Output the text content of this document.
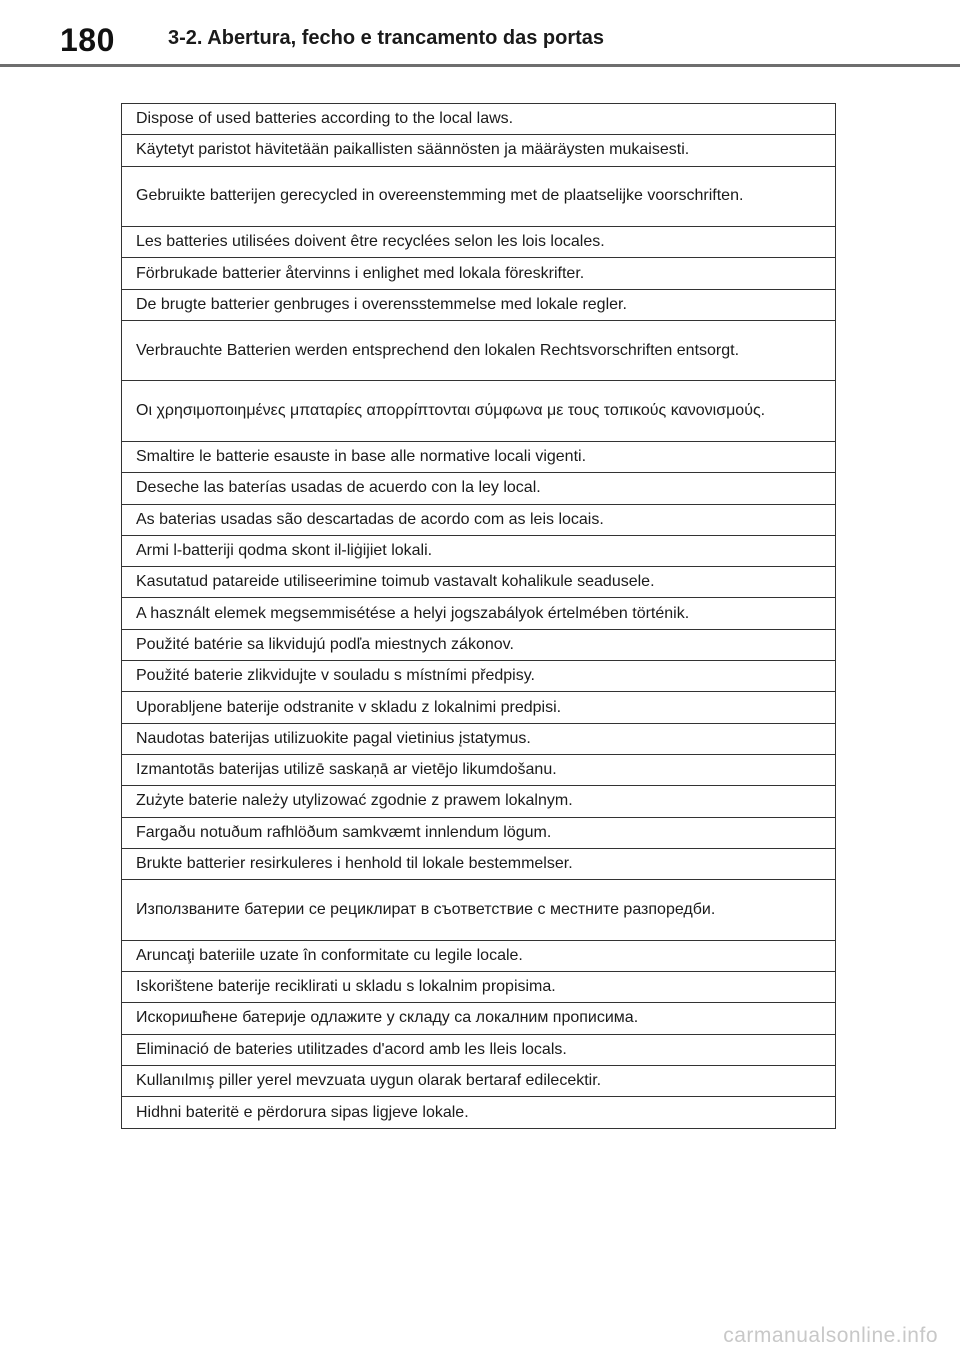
180	3-2. Abertura, fecho e trancamento das portas
Dispose of used batteries according to the local laws.
Käytetyt paristot hävitetään paikallisten säännösten ja määräysten mukaisesti.
Gebruikte batterijen gerecycled in overeenstemming met de plaatselijke voorschriften.
Les batteries utilisées doivent être recyclées selon les lois locales.
Förbrukade batterier återvinns i enlighet med lokala föreskrifter.
De brugte batterier genbruges i overensstemmelse med lokale regler.
Verbrauchte Batterien werden entsprechend den lokalen Rechtsvorschriften entsorgt.
Οι χρησιμοποιημένες μπαταρίες απορρίπτονται σύμφωνα με τους τοπικούς κανονισμούς.
Smaltire le batterie esauste in base alle normative locali vigenti.
Deseche las baterías usadas de acuerdo con la ley local.
As baterias usadas são descartadas de acordo com as leis locais.
Armi l-batteriji qodma skont il-liġijiet lokali.
Kasutatud patareide utiliseerimine toimub vastavalt kohalikule seadusele.
A használt elemek megsemmisétése a helyi jogszabályok értelmében történik.
Použité batérie sa likvidujú podľa miestnych zákonov.
Použité baterie zlikvidujte v souladu s místními předpisy.
Uporabljene baterije odstranite v skladu z lokalnimi predpisi.
Naudotas baterijas utilizuokite pagal vietinius įstatymus.
Izmantotās baterijas utilizē saskaņā ar vietējo likumdošanu.
Zużyte baterie należy utylizować zgodnie z prawem lokalnym.
Fargaðu notuðum rafhlöðum samkvæmt innlendum lögum.
Brukte batterier resirkuleres i henhold til lokale bestemmelser.
Използваните батерии се рециклират в съответствие с местните разпоредби.
Aruncaţi bateriile uzate în conformitate cu legile locale.
Iskorištene baterije reciklirati u skladu s lokalnim propisima.
Искоришћене батерије одлажите у складу са локалним прописима.
Eliminació de bateries utilitzades d'acord amb les lleis locals.
Kullanılmış piller yerel mevzuata uygun olarak bertaraf edilecektir.
Hidhni bateritë e përdorura sipas ligjeve lokale.
carmanualsonline.info
